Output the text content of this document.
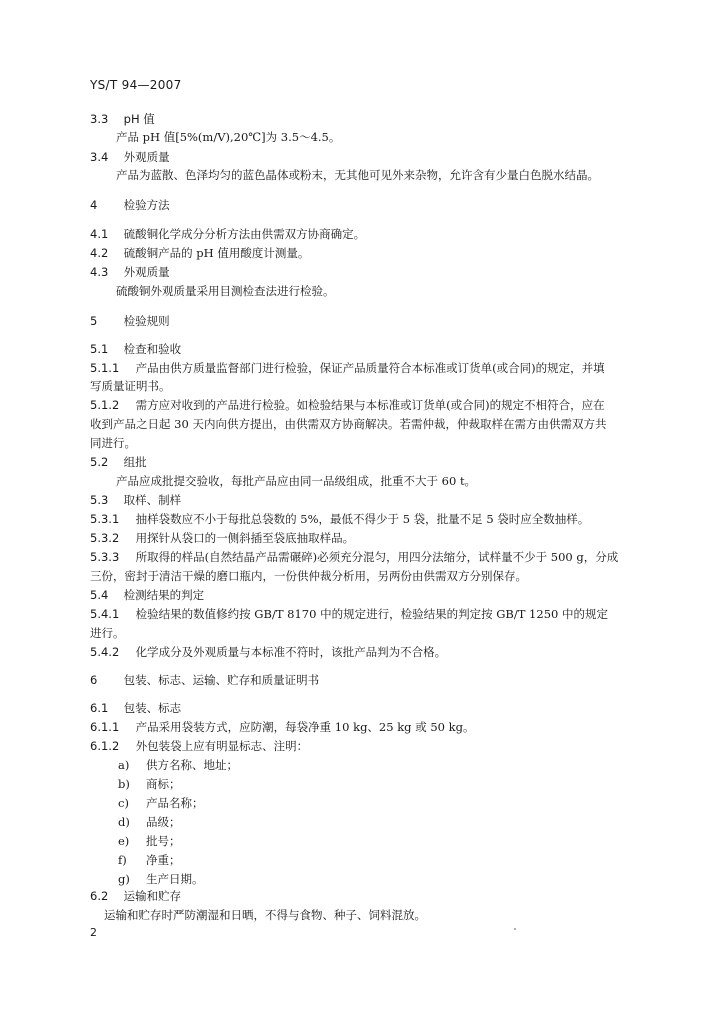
YS/T 94—2007
3.3 pH 值
产品 pH 值[5%(m/V),20℃]为 3.5～4.5。
3.4 外观质量
产品为蓝散、色泽均匀的蓝色晶体或粉末，无其他可见外来杂物，允许含有少量白色脱水结晶。
4 检验方法
4.1 硫酸铜化学成分分析方法由供需双方协商确定。
4.2 硫酸铜产品的 pH 值用酸度计测量。
4.3 外观质量
硫酸铜外观质量采用目测检查法进行检验。
5 检验规则
5.1 检查和验收
5.1.1 产品由供方质量监督部门进行检验，保证产品质量符合本标准或订货单(或合同)的规定，并填
写质量证明书。
5.1.2 需方应对收到的产品进行检验。如检验结果与本标准或订货单(或合同)的规定不相符合，应在
收到产品之日起 30 天内向供方提出，由供需双方协商解决。若需仲裁，仲裁取样在需方由供需双方共
同进行。
5.2 组批
产品应成批提交验收，每批产品应由同一品级组成，批重不大于 60 t。
5.3 取样、制样
5.3.1 抽样袋数应不小于每批总袋数的 5%，最低不得少于 5 袋，批量不足 5 袋时应全数抽样。
5.3.2 用探针从袋口的一侧斜插至袋底抽取样品。
5.3.3 所取得的样品(自然结晶产品需碾碎)必须充分混匀，用四分法缩分，试样量不少于 500 g，分成
三份，密封于清洁干燥的磨口瓶内，一份供仲裁分析用，另两份由供需双方分别保存。
5.4 检测结果的判定
5.4.1 检验结果的数值修约按 GB/T 8170 中的规定进行，检验结果的判定按 GB/T 1250 中的规定
进行。
5.4.2 化学成分及外观质量与本标准不符时，该批产品判为不合格。
6 包装、标志、运输、贮存和质量证明书
6.1 包装、标志
6.1.1 产品采用袋装方式，应防潮，每袋净重 10 kg、25 kg 或 50 kg。
6.1.2 外包装袋上应有明显标志、注明：
a) 供方名称、地址；
b) 商标；
c) 产品名称；
d) 品级；
e) 批号；
f) 净重；
g) 生产日期。
6.2 运输和贮存
运输和贮存时严防潮湿和日晒，不得与食物、种子、饲料混放。
2
